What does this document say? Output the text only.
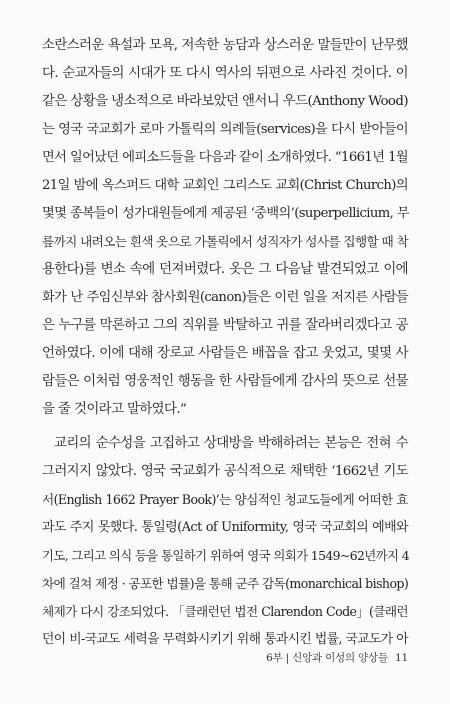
소란스러운 욕설과 모욕, 저속한 농담과 상스러운 말들만이 난무했
다. 순교자들의 시대가 또 다시 역사의 뒤편으로 사라진 것이다. 이
같은 상황을 냉소적으로 바라보았던 앤서니 우드(Anthony Wood)
는 영국 국교회가 로마 가톨릭의 의례들(services)을 다시 받아들이
면서 일어났던 에피소드들을 다음과 같이 소개하였다. “1661년 1월
21일 밤에 옥스퍼드 대학 교회인 그리스도 교회(Christ Church)의
몇몇 종복들이 성가대원들에게 제공된 ‘중백의’(superpellicium, 무
릎까지 내려오는 흰색 옷으로 가톨릭에서 성직자가 성사를 집행할 때 착
용한다)를 변소 속에 던져버렸다. 옷은 그 다음날 발견되었고 이에
화가 난 주임신부와 참사회원(canon)들은 이런 일을 저지른 사람들
은 누구를 막론하고 그의 직위를 박탈하고 귀를 잘라버리겠다고 공
언하였다. 이에 대해 장로교 사람들은 배꼽을 잡고 웃었고, 몇몇 사
람들은 이처럼 영웅적인 행동을 한 사람들에게 감사의 뜻으로 선물
을 줄 것이라고 말하였다.”
교리의 순수성을 고집하고 상대방을 박해하려는 본능은 전혀 수
그러지지 않았다. 영국 국교회가 공식적으로 채택한 ‘1662년 기도
서(English 1662 Prayer Book)’는 양심적인 청교도들에게 어떠한 효
과도 주지 못했다. 통일령(Act of Uniformity, 영국 국교회의 예배와
기도, 그리고 의식 등을 통일하기 위하여 영국 의회가 1549~62년까지 4
차에 걸쳐 제정 · 공포한 법률)을 통해 군주 감독(monarchical bishop)
체제가 다시 강조되었다. 「클래런던 법전 Clarendon Code」(클래런
던이 비-국교도 세력을 무력화시키기 위해 통과시킨 법률, 국교도가 아
6부 | 신앙과 이성의 양상들 11
